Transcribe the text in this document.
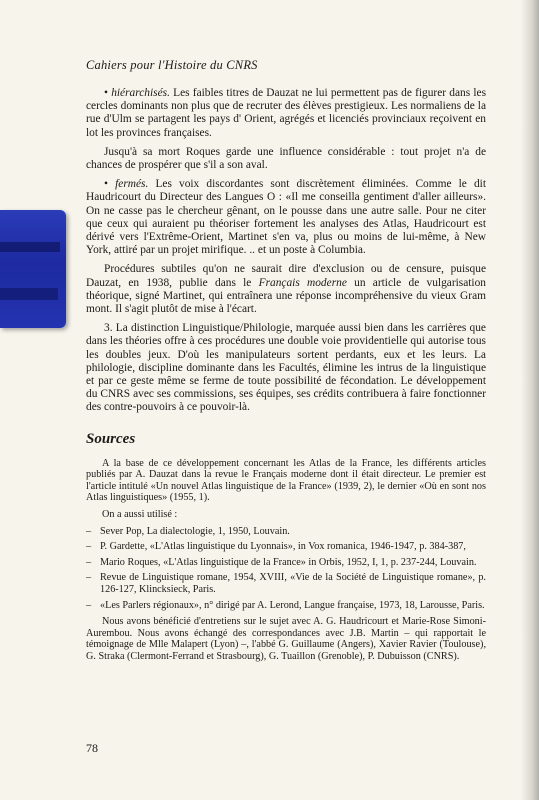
Cahiers pour l'Histoire du CNRS

• hiérarchisés. Les faibles titres de Dauzat ne lui permettent pas de figurer dans les cercles dominants non plus que de recruter des élèves prestigieux. Les normaliens de la rue d'Ulm se partagent les pays d' Orient, agrégés et licenciés provinciaux reçoivent en lot les provinces françaises.

Jusqu'à sa mort Roques garde une influence considérable : tout projet n'a de chances de prospérer que s'il a son aval.

• fermés. Les voix discordantes sont discrètement éliminées. Comme le dit Haudricourt du Directeur des Langues O : «Il me conseilla gentiment d'aller ailleurs». On ne casse pas le chercheur gênant, on le pousse dans une autre salle. Pour ne citer que ceux qui auraient pu théoriser fortement les analyses des Atlas, Haudricourt est dérivé vers l'Extrême-Orient, Martinet s'en va, plus ou moins de lui-même, à New York, attiré par un projet mirifique. .. et un poste à Columbia.

Procédures subtiles qu'on ne saurait dire d'exclusion ou de censure, puisque Dauzat, en 1938, publie dans le Français moderne un article de vulgarisation théorique, signé Martinet, qui entraînera une réponse incompréhensive du vieux Gram mont. Il s'agit plutôt de mise à l'écart.

3. La distinction Linguistique/Philologie, marquée aussi bien dans les carrières que dans les théories offre à ces procédures une double voie providentielle qui autorise tous les doubles jeux. D'où les manipulateurs sortent perdants, eux et les leurs. La philologie, discipline dominante dans les Facultés, élimine les intrus de la linguistique et par ce geste même se ferme de toute possibilité de fécondation. Le développement du CNRS avec ses commissions, ses équipes, ses crédits contribuera à faire fonctionner des contre-pouvoirs à ce pouvoir-là.

Sources

A la base de ce développement concernant les Atlas de la France, les différents articles publiés par A. Dauzat dans la revue le Français moderne dont il était directeur. Le premier est l'article intitulé «Un nouvel Atlas linguistique de la France» (1939, 2), le dernier «Où en sont nos Atlas linguistiques» (1955, 1).

On a aussi utilisé :

– Sever Pop, La dialectologie, 1, 1950, Louvain.
– P. Gardette, «L'Atlas linguistique du Lyonnais», in Vox romanica, 1946-1947, p. 384-387,
– Mario Roques, «L'Atlas linguistique de la France» in Orbis, 1952, I, 1, p. 237-244, Louvain.
– Revue de Linguistique romane, 1954, XVIII, «Vie de la Société de Linguistique romane», p. 126-127, Klincksieck, Paris.
– «Les Parlers régionaux», n° dirigé par A. Lerond, Langue française, 1973, 18, Larousse, Paris.

Nous avons bénéficié d'entretiens sur le sujet avec A. G. Haudricourt et Marie-Rose Simoni-Aurembou. Nous avons échangé des correspondances avec J.B. Martin – qui rapportait le témoignage de Mlle Malapert (Lyon) –, l'abbé G. Guillaume (Angers), Xavier Ravier (Toulouse), G. Straka (Clermont-Ferrand et Strasbourg), G. Tuaillon (Grenoble), P. Dubuisson (CNRS).

78
